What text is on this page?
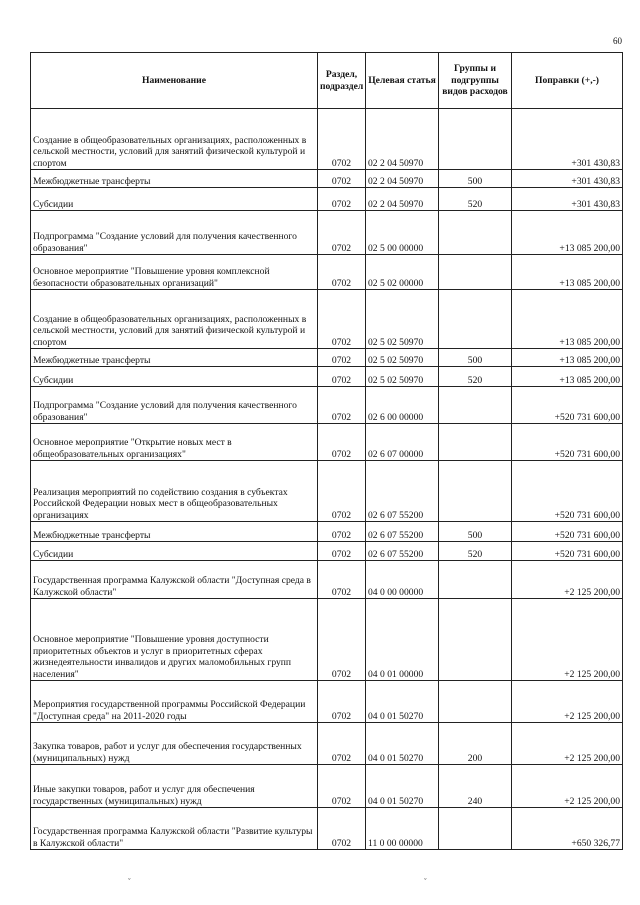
60
Наименование	Раздел, подраздел	Целевая статья	Группы и подгруппы видов расходов	Поправки (+,-)
Создание в общеобразовательных организациях, расположенных в сельской местности, условий для занятий физической культурой и спортом	0702	02 2 04 50970		+301 430,83
Межбюджетные трансферты	0702	02 2 04 50970	500	+301 430,83
Субсидии	0702	02 2 04 50970	520	+301 430,83
Подпрограмма "Создание условий для получения качественного образования"	0702	02 5 00 00000		+13 085 200,00
Основное мероприятие "Повышение уровня комплексной безопасности образовательных организаций"	0702	02 5 02 00000		+13 085 200,00
Создание в общеобразовательных организациях, расположенных в сельской местности, условий для занятий физической культурой и спортом	0702	02 5 02 50970		+13 085 200,00
Межбюджетные трансферты	0702	02 5 02 50970	500	+13 085 200,00
Субсидии	0702	02 5 02 50970	520	+13 085 200,00
Подпрограмма "Создание условий для получения качественного образования"	0702	02 6 00 00000		+520 731 600,00
Основное мероприятие "Открытие новых мест в общеобразовательных организациях"	0702	02 6 07 00000		+520 731 600,00
Реализация мероприятий по содействию создания в субъектах Российской Федерации новых мест в общеобразовательных организациях	0702	02 6 07 55200		+520 731 600,00
Межбюджетные трансферты	0702	02 6 07 55200	500	+520 731 600,00
Субсидии	0702	02 6 07 55200	520	+520 731 600,00
Государственная программа Калужской области "Доступная среда в Калужской области"	0702	04 0 00 00000		+2 125 200,00
Основное мероприятие "Повышение уровня доступности приоритетных объектов и услуг в приоритетных сферах жизнедеятельности инвалидов и других маломобильных групп населения"	0702	04 0 01 00000		+2 125 200,00
Мероприятия государственной программы Российской Федерации "Доступная среда" на 2011-2020 годы	0702	04 0 01 50270		+2 125 200,00
Закупка товаров, работ и услуг для обеспечения государственных (муниципальных) нужд	0702	04 0 01 50270	200	+2 125 200,00
Иные закупки товаров, работ и услуг для обеспечения государственных (муниципальных) нужд	0702	04 0 01 50270	240	+2 125 200,00
Государственная программа Калужской области "Развитие культуры в Калужской области"	0702	11 0 00 00000		+650 326,77
ˇ	ˇ
